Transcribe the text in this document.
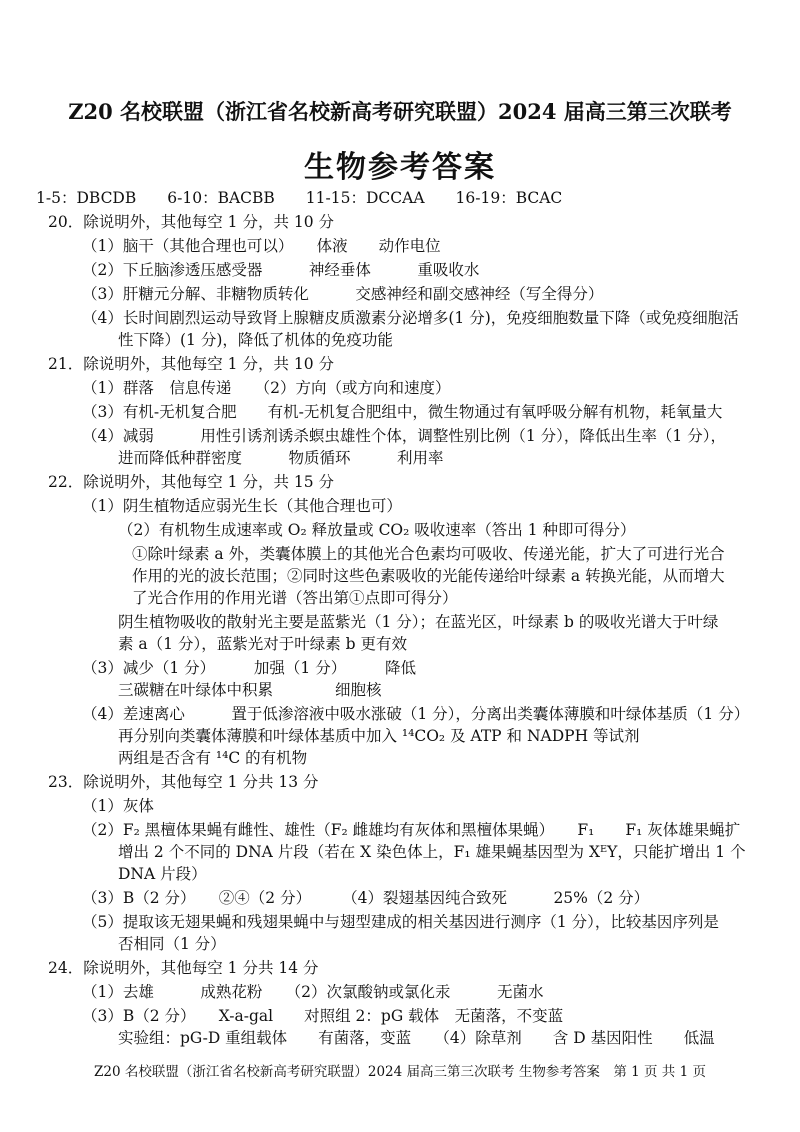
Z20 名校联盟（浙江省名校新高考研究联盟）2024 届高三第三次联考
生物参考答案
1-5：DBCDB　　6-10：BACBB　　11-15：DCCAA　　16-19：BCAC
20．除说明外，其他每空 1 分，共 10 分
（1）脑干（其他合理也可以）　　体液　　动作电位
（2）下丘脑渗透压感受器　　　神经垂体　　　重吸收水
（3）肝糖元分解、非糖物质转化　　　交感神经和副交感神经（写全得分）
（4）长时间剧烈运动导致肾上腺糖皮质激素分泌增多(1 分)，免疫细胞数量下降（或免疫细胞活
性下降）(1 分)，降低了机体的免疫功能
21．除说明外，其他每空 1 分，共 10 分
（1）群落　信息传递　　（2）方向（或方向和速度）
（3）有机-无机复合肥　　有机-无机复合肥组中，微生物通过有氧呼吸分解有机物，耗氧量大
（4）减弱　　　用性引诱剂诱杀螟虫雄性个体，调整性别比例（1 分），降低出生率（1 分），
进而降低种群密度　　　物质循环　　　利用率
22．除说明外，其他每空 1 分，共 15 分
（1）阴生植物适应弱光生长（其他合理也可）
（2）有机物生成速率或 O₂ 释放量或 CO₂ 吸收速率（答出 1 种即可得分）
①除叶绿素 a 外，类囊体膜上的其他光合色素均可吸收、传递光能，扩大了可进行光合
作用的光的波长范围；②同时这些色素吸收的光能传递给叶绿素 a 转换光能，从而增大
了光合作用的作用光谱（答出第①点即可得分）
阴生植物吸收的散射光主要是蓝紫光（1 分）；在蓝光区，叶绿素 b 的吸收光谱大于叶绿
素 a（1 分），蓝紫光对于叶绿素 b 更有效
（3）减少（1 分）　　　加强（1 分）　　　降低
三碳糖在叶绿体中积累　　　　细胞核
（4）差速离心　　　置于低渗溶液中吸水涨破（1 分），分离出类囊体薄膜和叶绿体基质（1 分）
再分别向类囊体薄膜和叶绿体基质中加入 ¹⁴CO₂ 及 ATP 和 NADPH 等试剂
两组是否含有 ¹⁴C 的有机物
23．除说明外，其他每空 1 分共 13 分
（1）灰体
（2）F₂ 黑檀体果蝇有雌性、雄性（F₂ 雌雄均有灰体和黑檀体果蝇）　　F₁　　F₁ 灰体雄果蝇扩
增出 2 个不同的 DNA 片段（若在 X 染色体上，F₁ 雄果蝇基因型为 XᴱY，只能扩增出 1 个
DNA 片段）
（3）B（2 分）　　②④（2 分）　　　（4）裂翅基因纯合致死　　　25%（2 分）
（5）提取该无翅果蝇和残翅果蝇中与翅型建成的相关基因进行测序（1 分），比较基因序列是
否相同（1 分）
24．除说明外，其他每空 1 分共 14 分
（1）去雄　　　成熟花粉　　（2）次氯酸钠或氯化汞　　　无菌水
（3）B（2 分）　　X-a-gal　　对照组 2：pG 载体　无菌落，不变蓝
实验组：pG-D 重组载体　　有菌落，变蓝　　（4）除草剂　　含 D 基因阳性　　低温
Z20 名校联盟（浙江省名校新高考研究联盟）2024 届高三第三次联考 生物参考答案　第 1 页 共 1 页
